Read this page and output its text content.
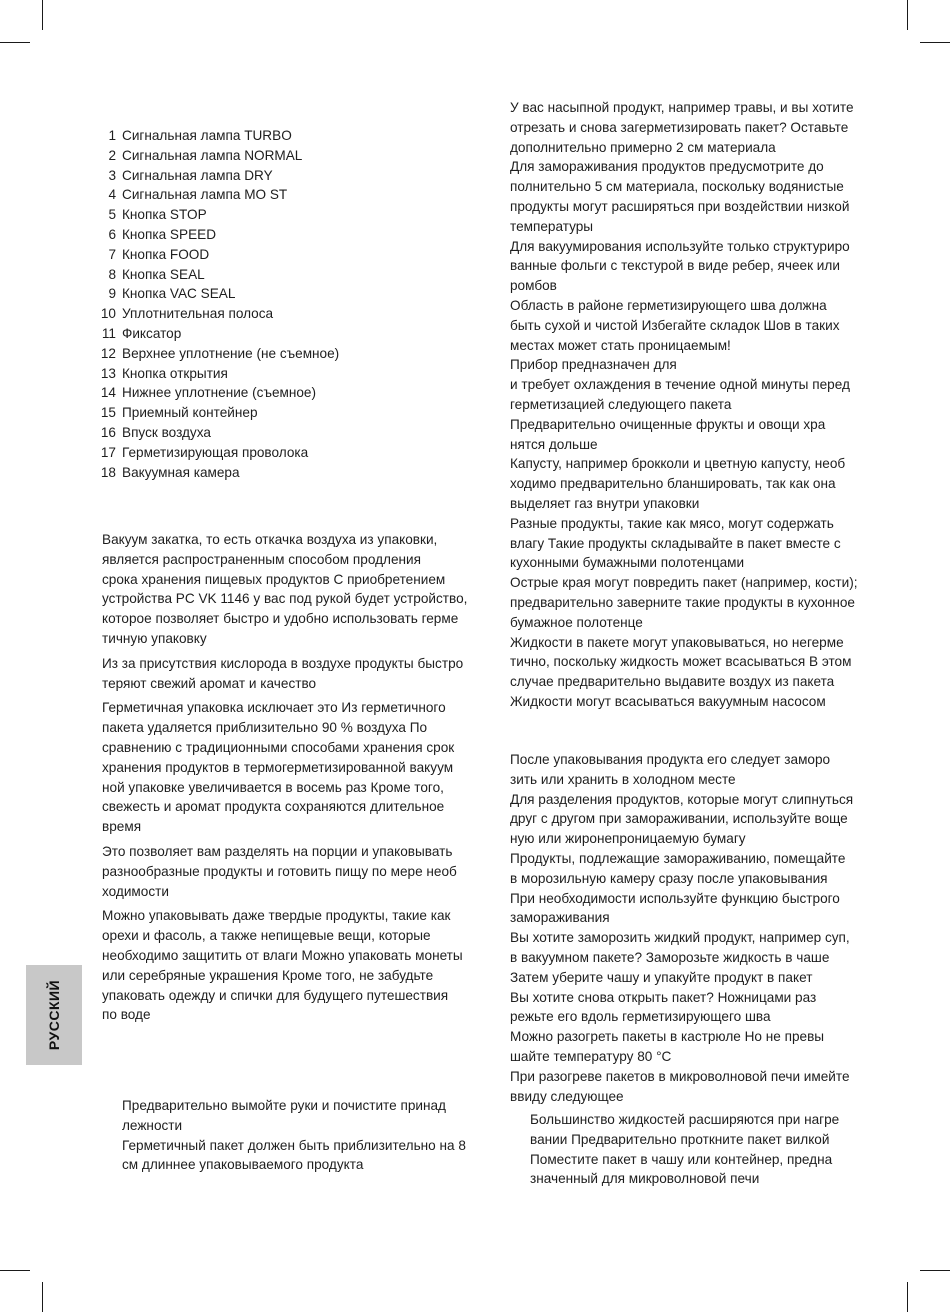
1 Сигнальная лампа TURBO
2 Сигнальная лампа NORMAL
3 Сигнальная лампа DRY
4 Сигнальная лампа MO ST
5 Кнопка STOP
6 Кнопка SPEED
7 Кнопка FOOD
8 Кнопка SEAL
9 Кнопка VAC SEAL
10 Уплотнительная полоса
11 Фиксатор
12 Верхнее уплотнение (не съемное)
13 Кнопка открытия
14 Нижнее уплотнение (съемное)
15 Приемный контейнер
16 Впуск воздуха
17 Герметизирующая проволока
18 Вакуумная камера

Вакуум закатка, то есть откачка воздуха из упаковки,
является распространенным способом продления
срока хранения пищевых продуктов С приобретением
устройства PC VK 1146 у вас под рукой будет устройство,
которое позволяет быстро и удобно использовать герме
тичную упаковку

Из за присутствия кислорода в воздухе продукты быстро
теряют свежий аромат и качество

Герметичная упаковка исключает это Из герметичного
пакета удаляется приблизительно 90 % воздуха По
сравнению с традиционными способами хранения срок
хранения продуктов в термогерметизированной вакуум
ной упаковке увеличивается в восемь раз Кроме того,
свежесть и аромат продукта сохраняются длительное
время

Это позволяет вам разделять на порции и упаковывать
разнообразные продукты и готовить пищу по мере необ
ходимости

Можно упаковывать даже твердые продукты, такие как
орехи и фасоль, а также непищевые вещи, которые
необходимо защитить от влаги Можно упаковать монеты
или серебряные украшения Кроме того, не забудьте
упаковать одежду и спички для будущего путешествия
по воде

Предварительно вымойте руки и почистите принад

лежности

Герметичный пакет должен быть приблизительно на 8

см длиннее упаковываемого продукта

РУССКИЙ

У вас насыпной продукт, например травы, и вы хотите

отрезать и снова загерметизировать пакет? Оставьте

дополнительно примерно 2 см материала

Для замораживания продуктов предусмотрите до

полнительно 5 см материала, поскольку водянистые

продукты могут расширяться при воздействии низкой

температуры

Для вакуумирования используйте только структуриро

ванные фольги с текстурой в виде ребер, ячеек или

ромбов

Область в районе герметизирующего шва должна

быть сухой и чистой Избегайте складок Шов в таких

местах может стать проницаемым!

Прибор предназначен для

и требует охлаждения в течение одной минуты перед

герметизацией следующего пакета

Предварительно очищенные фрукты и овощи хра

нятся дольше

Капусту, например брокколи и цветную капусту, необ

ходимо предварительно бланшировать, так как она

выделяет газ внутри упаковки

Разные продукты, такие как мясо, могут содержать

влагу Такие продукты складывайте в пакет вместе с

кухонными бумажными полотенцами

Острые края могут повредить пакет (например, кости);

предварительно заверните такие продукты в кухонное

бумажное полотенце

Жидкости в пакете могут упаковываться, но негерме

тично, поскольку жидкость может всасываться В этом

случае предварительно выдавите воздух из пакета

Жидкости могут всасываться вакуумным насосом

После упаковывания продукта его следует заморо

зить или хранить в холодном месте

Для разделения продуктов, которые могут слипнуться

друг с другом при замораживании, используйте воще

ную или жиронепроницаемую бумагу

Продукты, подлежащие замораживанию, помещайте

в морозильную камеру сразу после упаковывания

При необходимости используйте функцию быстрого

замораживания

Вы хотите заморозить жидкий продукт, например суп,

в вакуумном пакете? Заморозьте жидкость в чаше

Затем уберите чашу и упакуйте продукт в пакет

Вы хотите снова открыть пакет? Ножницами раз

режьте его вдоль герметизирующего шва

Можно разогреть пакеты в кастрюле Но не превы

шайте температуру 80 °C

При разогреве пакетов в микроволновой печи имейте

ввиду следующее

Большинство жидкостей расширяются при нагре

вании Предварительно проткните пакет вилкой

Поместите пакет в чашу или контейнер, предна

значенный для микроволновой печи
